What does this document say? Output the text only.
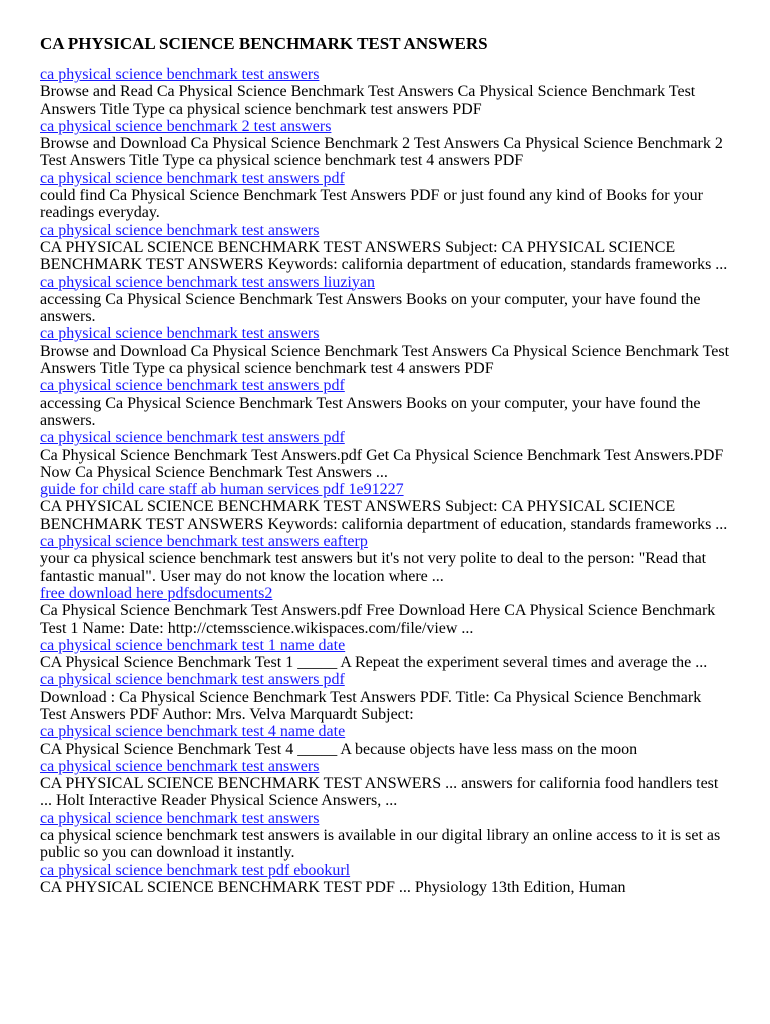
CA PHYSICAL SCIENCE BENCHMARK TEST ANSWERS
ca physical science benchmark test answers

Browse and Read Ca Physical Science Benchmark Test Answers Ca Physical Science Benchmark Test Answers Title Type ca physical science benchmark test answers PDF

ca physical science benchmark 2 test answers

Browse and Download Ca Physical Science Benchmark 2 Test Answers Ca Physical Science Benchmark 2 Test Answers Title Type ca physical science benchmark test 4 answers PDF

ca physical science benchmark test answers pdf

could find Ca Physical Science Benchmark Test Answers PDF or just found any kind of Books for your readings everyday.

ca physical science benchmark test answers

CA PHYSICAL SCIENCE BENCHMARK TEST ANSWERS Subject: CA PHYSICAL SCIENCE BENCHMARK TEST ANSWERS Keywords: california department of education, standards frameworks ...

ca physical science benchmark test answers liuziyan

accessing Ca Physical Science Benchmark Test Answers Books on your computer, your have found the answers.

ca physical science benchmark test answers

Browse and Download Ca Physical Science Benchmark Test Answers Ca Physical Science Benchmark Test Answers Title Type ca physical science benchmark test 4 answers PDF

ca physical science benchmark test answers pdf

accessing Ca Physical Science Benchmark Test Answers Books on your computer, your have found the answers.

ca physical science benchmark test answers pdf

Ca Physical Science Benchmark Test Answers.pdf Get Ca Physical Science Benchmark Test Answers.PDF Now Ca Physical Science Benchmark Test Answers ...

guide for child care staff ab human services pdf 1e91227

CA PHYSICAL SCIENCE BENCHMARK TEST ANSWERS Subject: CA PHYSICAL SCIENCE BENCHMARK TEST ANSWERS Keywords: california department of education, standards frameworks ...

ca physical science benchmark test answers eafterp

your ca physical science benchmark test answers but it's not very polite to deal to the person: "Read that fantastic manual". User may do not know the location where ...

free download here pdfsdocuments2

Ca Physical Science Benchmark Test Answers.pdf Free Download Here CA Physical Science Benchmark Test 1 Name: Date: http://ctemsscience.wikispaces.com/file/view ...

ca physical science benchmark test 1 name date

CA Physical Science Benchmark Test 1 _____ A Repeat the experiment several times and average the ...

ca physical science benchmark test answers pdf

Download : Ca Physical Science Benchmark Test Answers PDF. Title: Ca Physical Science Benchmark Test Answers PDF Author: Mrs. Velva Marquardt Subject:

ca physical science benchmark test 4 name date

CA Physical Science Benchmark Test 4 _____ A because objects have less mass on the moon

ca physical science benchmark test answers

CA PHYSICAL SCIENCE BENCHMARK TEST ANSWERS ... answers for california food handlers test ... Holt Interactive Reader Physical Science Answers, ...

ca physical science benchmark test answers

ca physical science benchmark test answers is available in our digital library an online access to it is set as public so you can download it instantly.

ca physical science benchmark test pdf ebookurl

CA PHYSICAL SCIENCE BENCHMARK TEST PDF ... Physiology 13th Edition, Human
